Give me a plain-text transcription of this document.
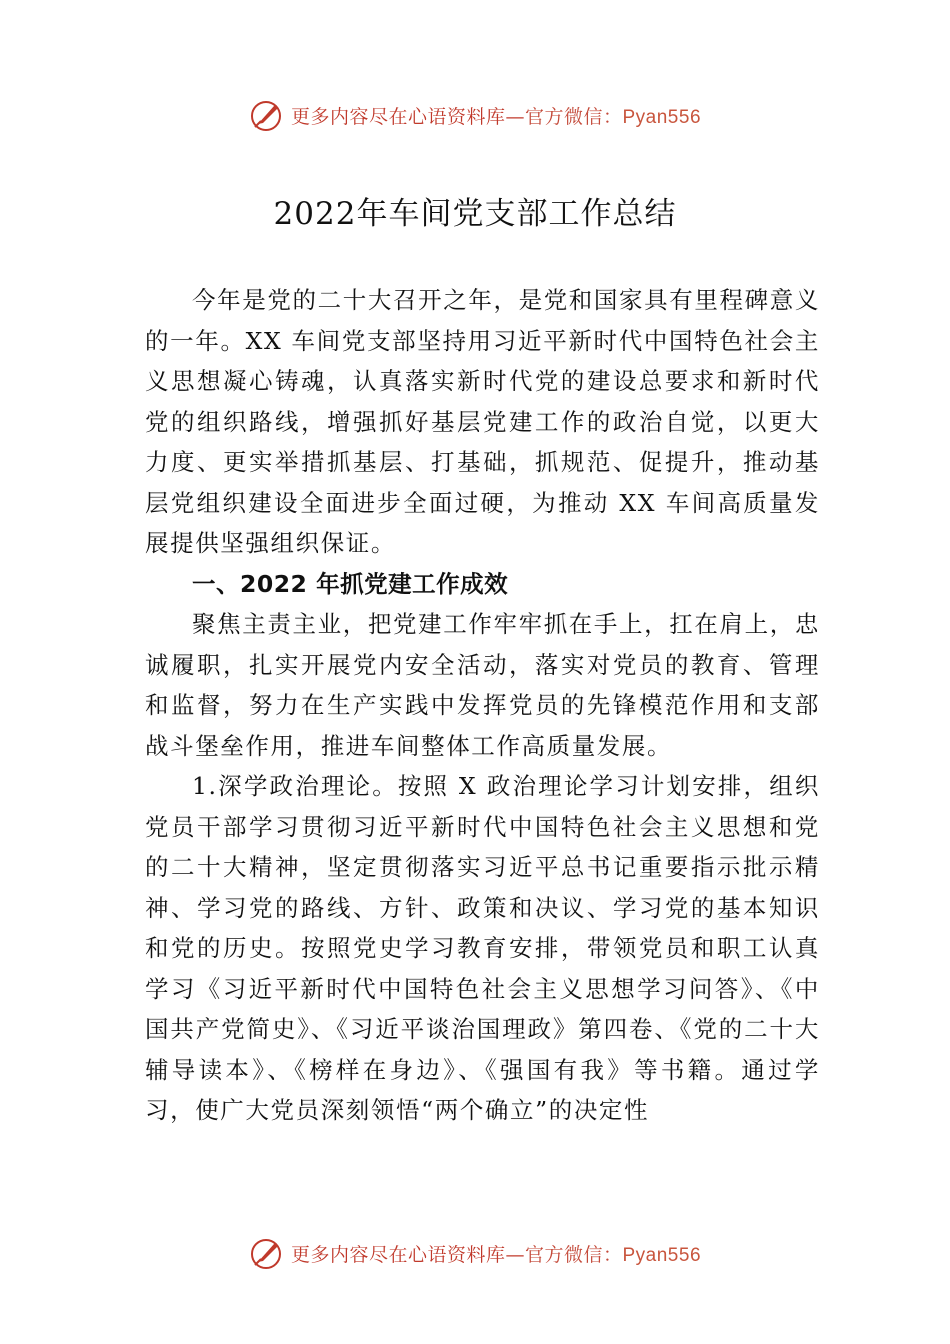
更多内容尽在心语资料库—官方微信：Pyan556
2022年车间党支部工作总结

今年是党的二十大召开之年，是党和国家具有里程碑意义的一年。XX 车间党支部坚持用习近平新时代中国特色社会主义思想凝心铸魂，认真落实新时代党的建设总要求和新时代党的组织路线，增强抓好基层党建工作的政治自觉，以更大力度、更实举措抓基层、打基础，抓规范、促提升，推动基层党组织建设全面进步全面过硬，为推动 XX 车间高质量发展提供坚强组织保证。

一、2022 年抓党建工作成效

聚焦主责主业，把党建工作牢牢抓在手上，扛在肩上，忠诚履职，扎实开展党内安全活动，落实对党员的教育、管理和监督，努力在生产实践中发挥党员的先锋模范作用和支部战斗堡垒作用，推进车间整体工作高质量发展。

1.深学政治理论。按照 X 政治理论学习计划安排，组织党员干部学习贯彻习近平新时代中国特色社会主义思想和党的二十大精神，坚定贯彻落实习近平总书记重要指示批示精神、学习党的路线、方针、政策和决议、学习党的基本知识和党的历史。按照党史学习教育安排，带领党员和职工认真学习《习近平新时代中国特色社会主义思想学习问答》、《中国共产党简史》、《习近平谈治国理政》第四卷、《党的二十大辅导读本》、《榜样在身边》、《强国有我》等书籍。通过学习，使广大党员深刻领悟“两个确立”的决定性

更多内容尽在心语资料库—官方微信：Pyan556
